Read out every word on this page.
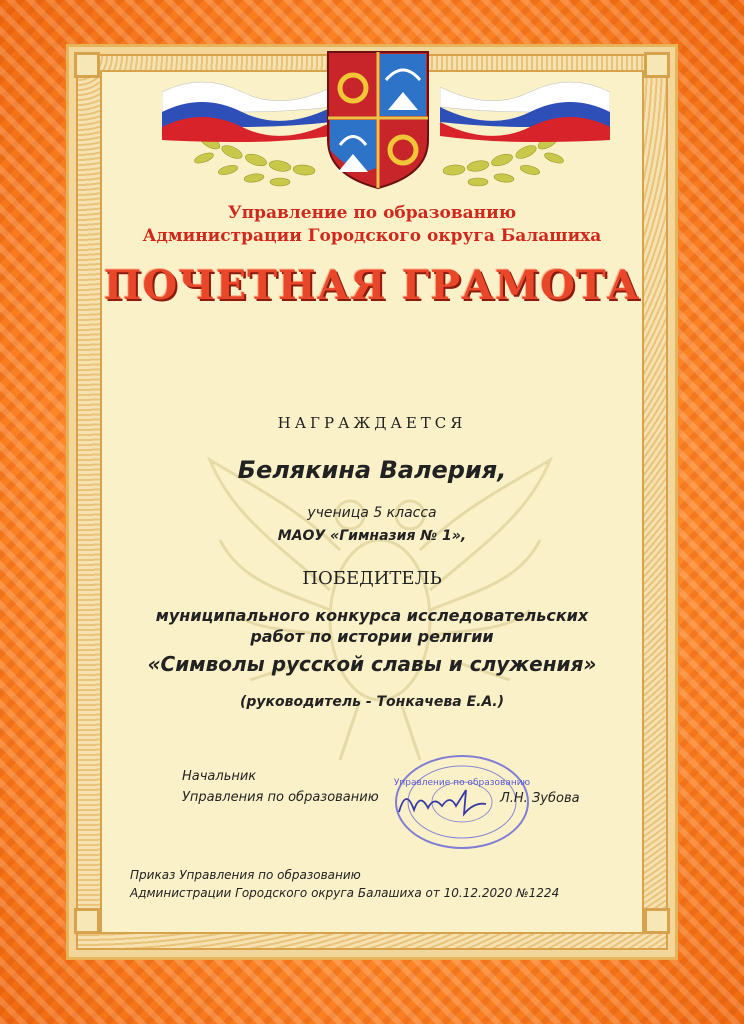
Управление по образованию
Администрации Городского округа Балашиха
ПОЧЕТНАЯ ГРАМОТА
НАГРАЖДАЕТСЯ
Белякина Валерия,
ученица 5 класса
МАОУ «Гимназия № 1»,
ПОБЕДИТЕЛЬ
муниципального конкурса исследовательских
работ по истории религии
«Символы русской славы и служения»
(руководитель - Тонкачева Е.А.)
Начальник
Управления по образованию
Управление по образованию
Л.Н. Зубова
Приказ Управления по образованию
Администрации Городского округа Балашиха от 10.12.2020 №1224
